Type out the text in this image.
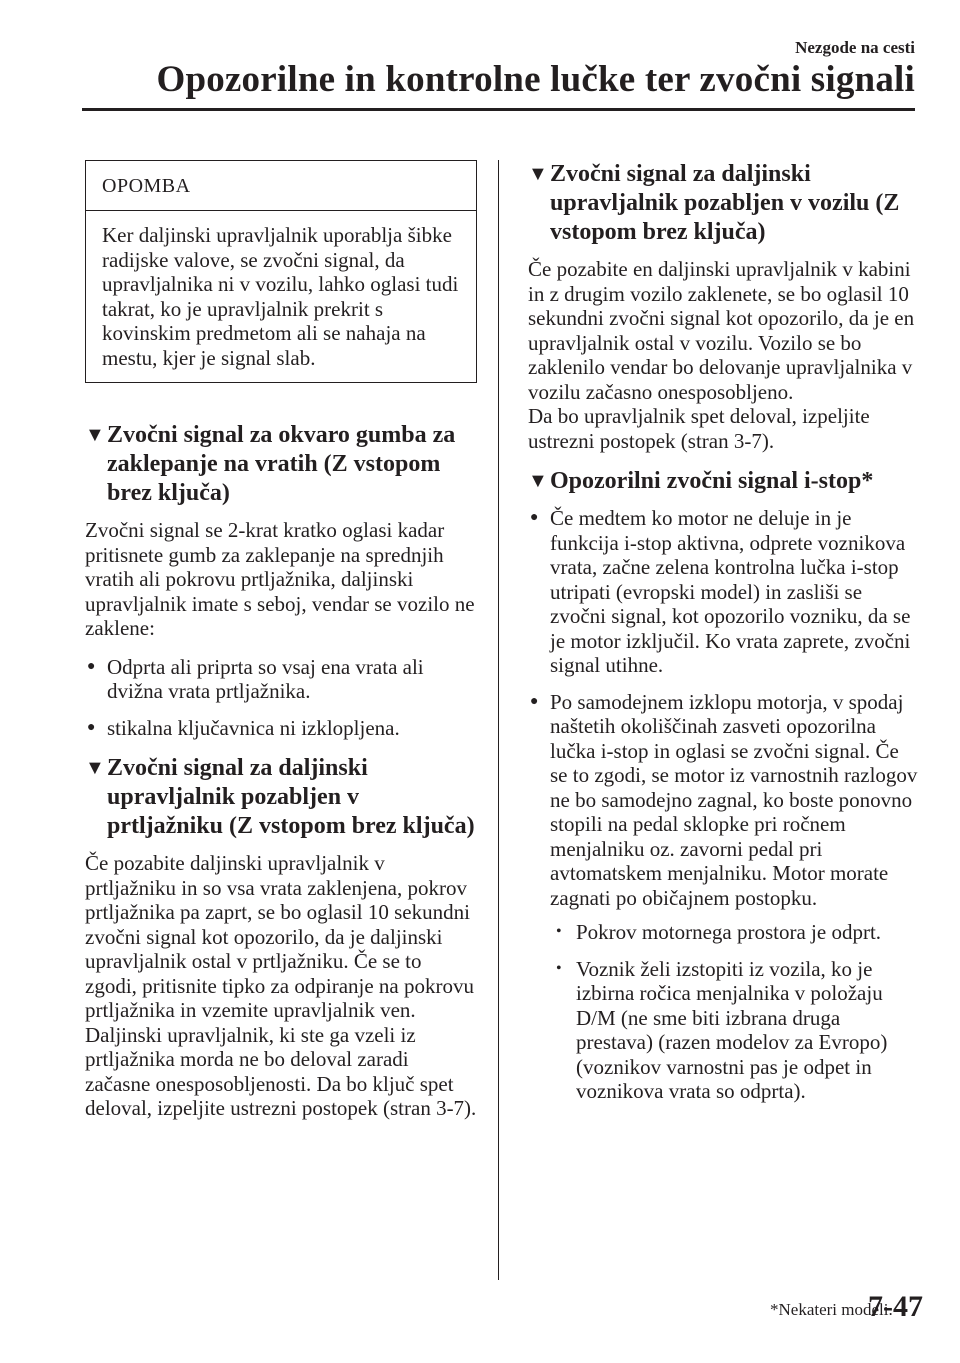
Nezgode na cesti
Opozorilne in kontrolne lučke ter zvočni signali
OPOMBA
Ker daljinski upravljalnik uporablja šibke radijske valove, se zvočni signal, da upravljalnika ni v vozilu, lahko oglasi tudi takrat, ko je upravljalnik prekrit s kovinskim predmetom ali se nahaja na mestu, kjer je signal slab.
▼ Zvočni signal za okvaro gumba za zaklepanje na vratih (Z vstopom brez ključa)

Zvočni signal se 2-krat kratko oglasi kadar pritisnete gumb za zaklepanje na sprednjih vratih ali pokrovu prtljažnika, daljinski upravljalnik imate s seboj, vendar se vozilo ne zaklene:

● Odprta ali priprta so vsaj ena vrata ali dvižna vrata prtljažnika.
● stikalna ključavnica ni izklopljena.
▼ Zvočni signal za daljinski upravljalnik pozabljen v prtljažniku (Z vstopom brez ključa)

Če pozabite daljinski upravljalnik v prtljažniku in so vsa vrata zaklenjena, pokrov prtljažnika pa zaprt, se bo oglasil 10 sekundni zvočni signal kot opozorilo, da je daljinski upravljalnik ostal v prtljažniku. Če se to zgodi, pritisnite tipko za odpiranje na pokrovu prtljažnika in vzemite upravljalnik ven. Daljinski upravljalnik, ki ste ga vzeli iz prtljažnika morda ne bo deloval zaradi začasne onesposobljenosti. Da bo ključ spet deloval, izpeljite ustrezni postopek (stran 3-7).

▼ Zvočni signal za daljinski upravljalnik pozabljen v vozilu (Z vstopom brez ključa)

Če pozabite en daljinski upravljalnik v kabini in z drugim vozilo zaklenete, se bo oglasil 10 sekundni zvočni signal kot opozorilo, da je en upravljalnik ostal v vozilu. Vozilo se bo zaklenilo vendar bo delovanje upravljalnika v vozilu začasno onesposobljeno.
Da bo upravljalnik spet deloval, izpeljite ustrezni postopek (stran 3-7).

▼ Opozorilni zvočni signal i-stop*
● Če medtem ko motor ne deluje in je funkcija i-stop aktivna, odprete voznikova vrata, začne zelena kontrolna lučka i-stop utripati (evropski model) in zasliši se zvočni signal, kot opozorilo vozniku, da se je motor izključil. Ko vrata zaprete, zvočni signal utihne.
● Po samodejnem izklopu motorja, v spodaj naštetih okoliščinah zasveti opozorilna lučka i-stop in oglasi se zvočni signal. Če se to zgodi, se motor iz varnostnih razlogov ne bo samodejno zagnal, ko boste ponovno stopili na pedal sklopke pri ročnem menjalniku oz. zavorni pedal pri avtomatskem menjalniku. Motor morate zagnati po običajnem postopku.
• Pokrov motornega prostora je odprt.
• Voznik želi izstopiti iz vozila, ko je izbirna ročica menjalnika v položaju D/M (ne sme biti izbrana druga prestava) (razen modelov za Evropo) (voznikov varnostni pas je odpet in voznikova vrata so odprta).
*Nekateri modeli.
7-47
